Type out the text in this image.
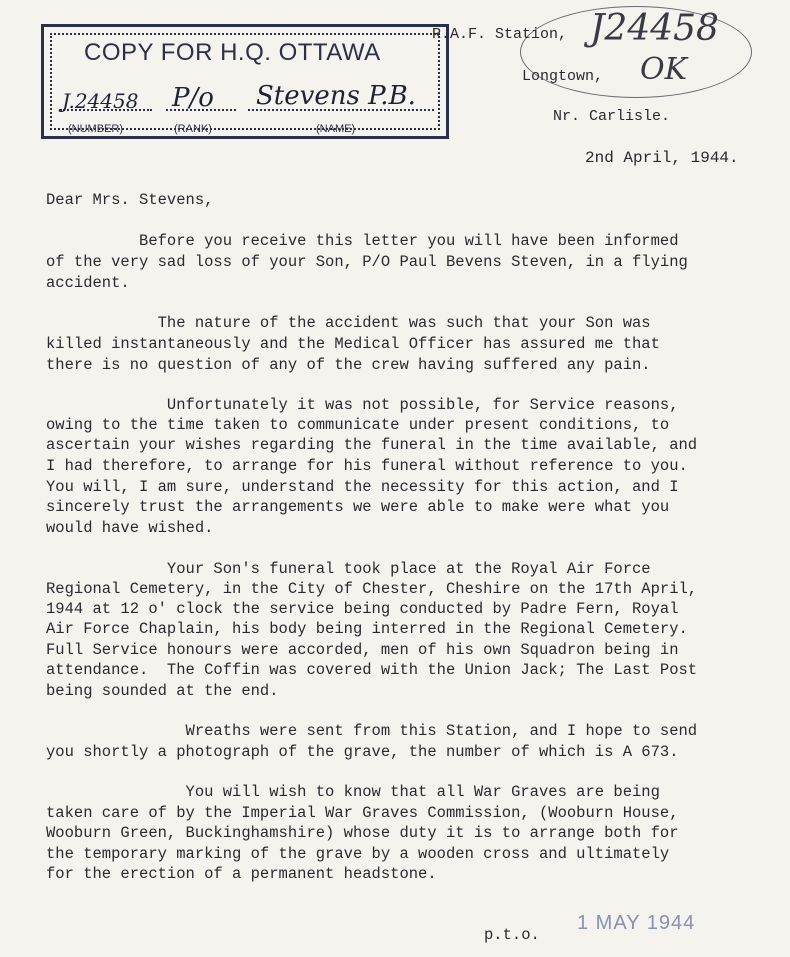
COPY FOR H.Q. OTTAWA
J.24458 P/o Stevens P.B.
(NUMBER)	(RANK)	(NAME)
J24458
OK
R.A.F. Station,
Longtown,
Nr. Carlisle.
2nd April, 1944.
Dear Mrs. Stevens,
Before you receive this letter you will have been informed
of the very sad loss of your Son, P/O Paul Bevens Steven, in a flying
accident.
The nature of the accident was such that your Son was
killed instantaneously and the Medical Officer has assured me that
there is no question of any of the crew having suffered any pain.
Unfortunately it was not possible, for Service reasons,
owing to the time taken to communicate under present conditions, to
ascertain your wishes regarding the funeral in the time available, and
I had therefore, to arrange for his funeral without reference to you.
You will, I am sure, understand the necessity for this action, and I
sincerely trust the arrangements we were able to make were what you
would have wished.
Your Son's funeral took place at the Royal Air Force
Regional Cemetery, in the City of Chester, Cheshire on the 17th April,
1944 at 12 o' clock the service being conducted by Padre Fern, Royal
Air Force Chaplain, his body being interred in the Regional Cemetery.
Full Service honours were accorded, men of his own Squadron being in
attendance.  The Coffin was covered with the Union Jack; The Last Post
being sounded at the end.
Wreaths were sent from this Station, and I hope to send
you shortly a photograph of the grave, the number of which is A 673.
You will wish to know that all War Graves are being
taken care of by the Imperial War Graves Commission, (Wooburn House,
Wooburn Green, Buckinghamshire) whose duty it is to arrange both for
the temporary marking of the grave by a wooden cross and ultimately
for the erection of a permanent headstone.
p.t.o.
1 MAY 1944
